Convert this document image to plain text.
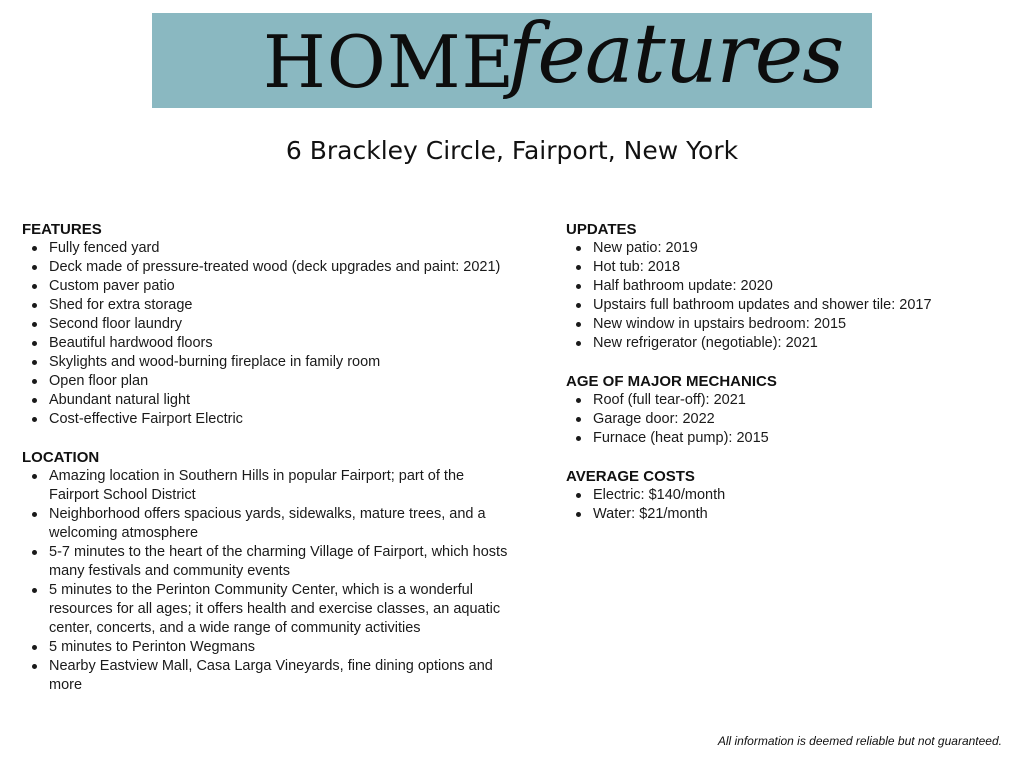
HOME
features
6 Brackley Circle, Fairport, New York
FEATURES
Fully fenced yard
Deck made of pressure-treated wood (deck upgrades and paint: 2021)
Custom paver patio
Shed for extra storage
Second floor laundry
Beautiful hardwood floors
Skylights and wood-burning fireplace in family room
Open floor plan
Abundant natural light
Cost-effective Fairport Electric
LOCATION
Amazing location in Southern Hills in popular Fairport; part of the Fairport School District
Neighborhood offers spacious yards, sidewalks, mature trees, and a welcoming atmosphere
5-7 minutes to the heart of the charming Village of Fairport, which hosts many festivals and community events
5 minutes to the Perinton Community Center, which is a wonderful resources for all ages; it offers health and exercise classes, an aquatic center, concerts, and a wide range of community activities
5 minutes to Perinton Wegmans
Nearby Eastview Mall, Casa Larga Vineyards, fine dining options and more
UPDATES
New patio: 2019
Hot tub: 2018
Half bathroom update: 2020
Upstairs full bathroom updates and shower tile: 2017
New window in upstairs bedroom: 2015
New refrigerator (negotiable): 2021
AGE OF MAJOR MECHANICS
Roof (full tear-off): 2021
Garage door: 2022
Furnace (heat pump): 2015
AVERAGE COSTS
Electric: $140/month
Water: $21/month
All information is deemed reliable but not guaranteed.
